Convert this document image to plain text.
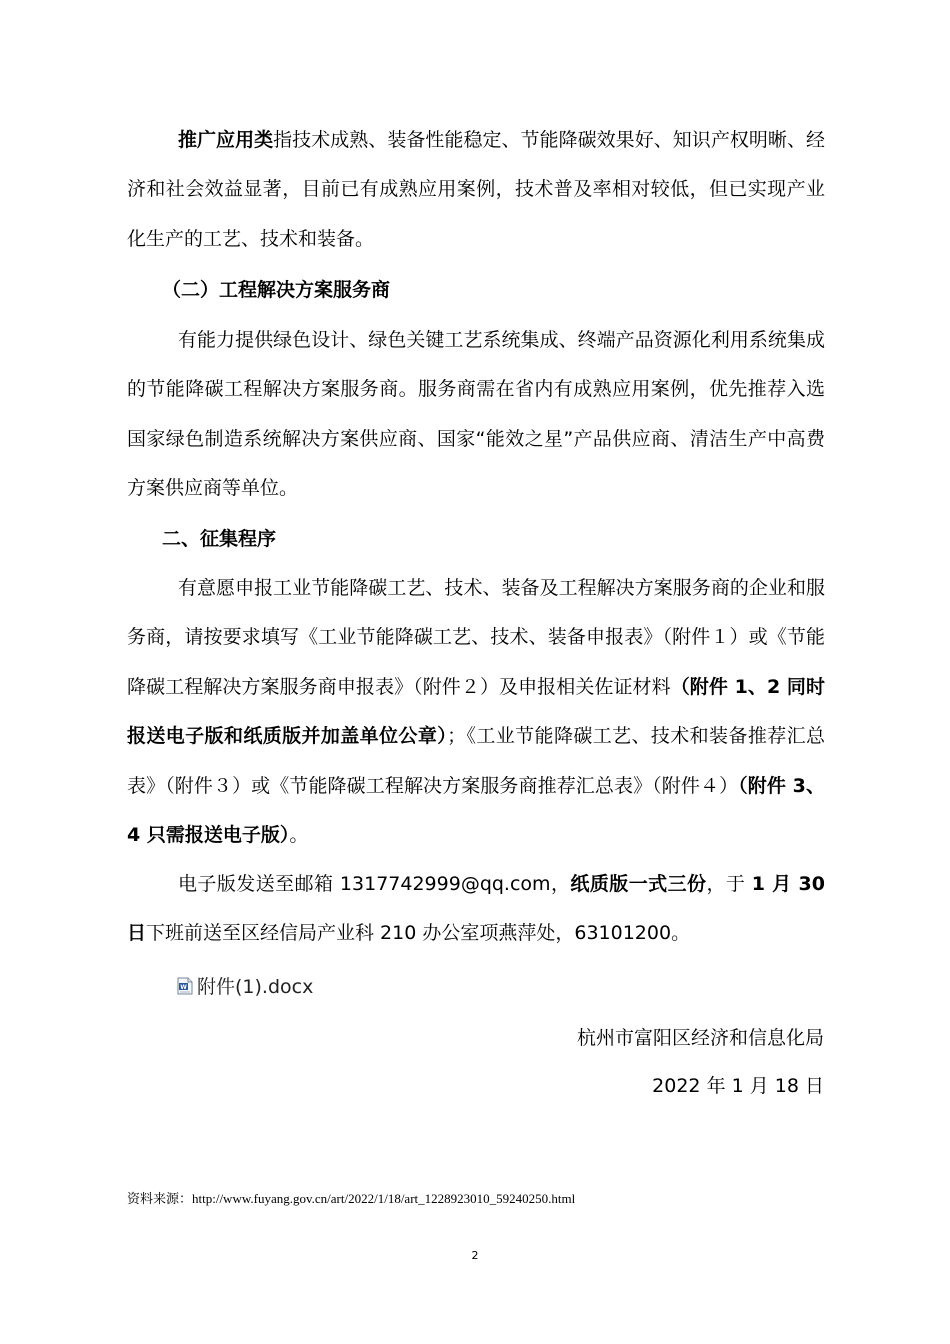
推广应用类指技术成熟、装备性能稳定、节能降碳效果好、知识产权明晰、经济和社会效益显著，目前已有成熟应用案例，技术普及率相对较低，但已实现产业化生产的工艺、技术和装备。
（二）工程解决方案服务商
有能力提供绿色设计、绿色关键工艺系统集成、终端产品资源化利用系统集成的节能降碳工程解决方案服务商。服务商需在省内有成熟应用案例，优先推荐入选国家绿色制造系统解决方案供应商、国家“能效之星”产品供应商、清洁生产中高费方案供应商等单位。
二、征集程序
有意愿申报工业节能降碳工艺、技术、装备及工程解决方案服务商的企业和服务商，请按要求填写《工业节能降碳工艺、技术、装备申报表》（附件１）或《节能降碳工程解决方案服务商申报表》（附件２）及申报相关佐证材料（附件 1、2 同时报送电子版和纸质版并加盖单位公章）；《工业节能降碳工艺、技术和装备推荐汇总表》（附件３）或《节能降碳工程解决方案服务商推荐汇总表》（附件４）（附件 3、4 只需报送电子版）。
电子版发送至邮箱 1317742999@qq.com，纸质版一式三份，于 1 月 30 日下班前送至区经信局产业科 210 办公室项燕萍处，63101200。
W 附件(1).docx
杭州市富阳区经济和信息化局
2022 年 1 月 18 日
资料来源：http://www.fuyang.gov.cn/art/2022/1/18/art_1228923010_59240250.html
2
